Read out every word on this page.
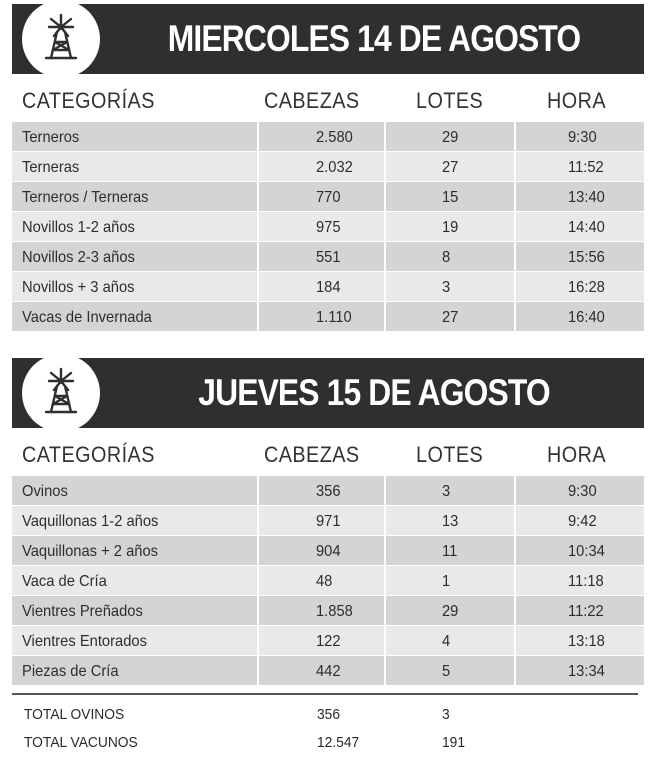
MIERCOLES 14 DE AGOSTO
CATEGORÍAS	CABEZAS	LOTES	HORA
Terneros	2.580	29	9:30
Terneras	2.032	27	11:52
Terneros / Terneras	770	15	13:40
Novillos 1-2 años	975	19	14:40
Novillos 2-3 años	551	8	15:56
Novillos + 3 años	184	3	16:28
Vacas de Invernada	1.110	27	16:40
JUEVES 15 DE AGOSTO
CATEGORÍAS	CABEZAS	LOTES	HORA
Ovinos	356	3	9:30
Vaquillonas 1-2 años	971	13	9:42
Vaquillonas + 2 años	904	11	10:34
Vaca de Cría	48	1	11:18
Vientres Preñados	1.858	29	11:22
Vientres Entorados	122	4	13:18
Piezas de Cría	442	5	13:34
TOTAL OVINOS	356	3
TOTAL VACUNOS	12.547	191
